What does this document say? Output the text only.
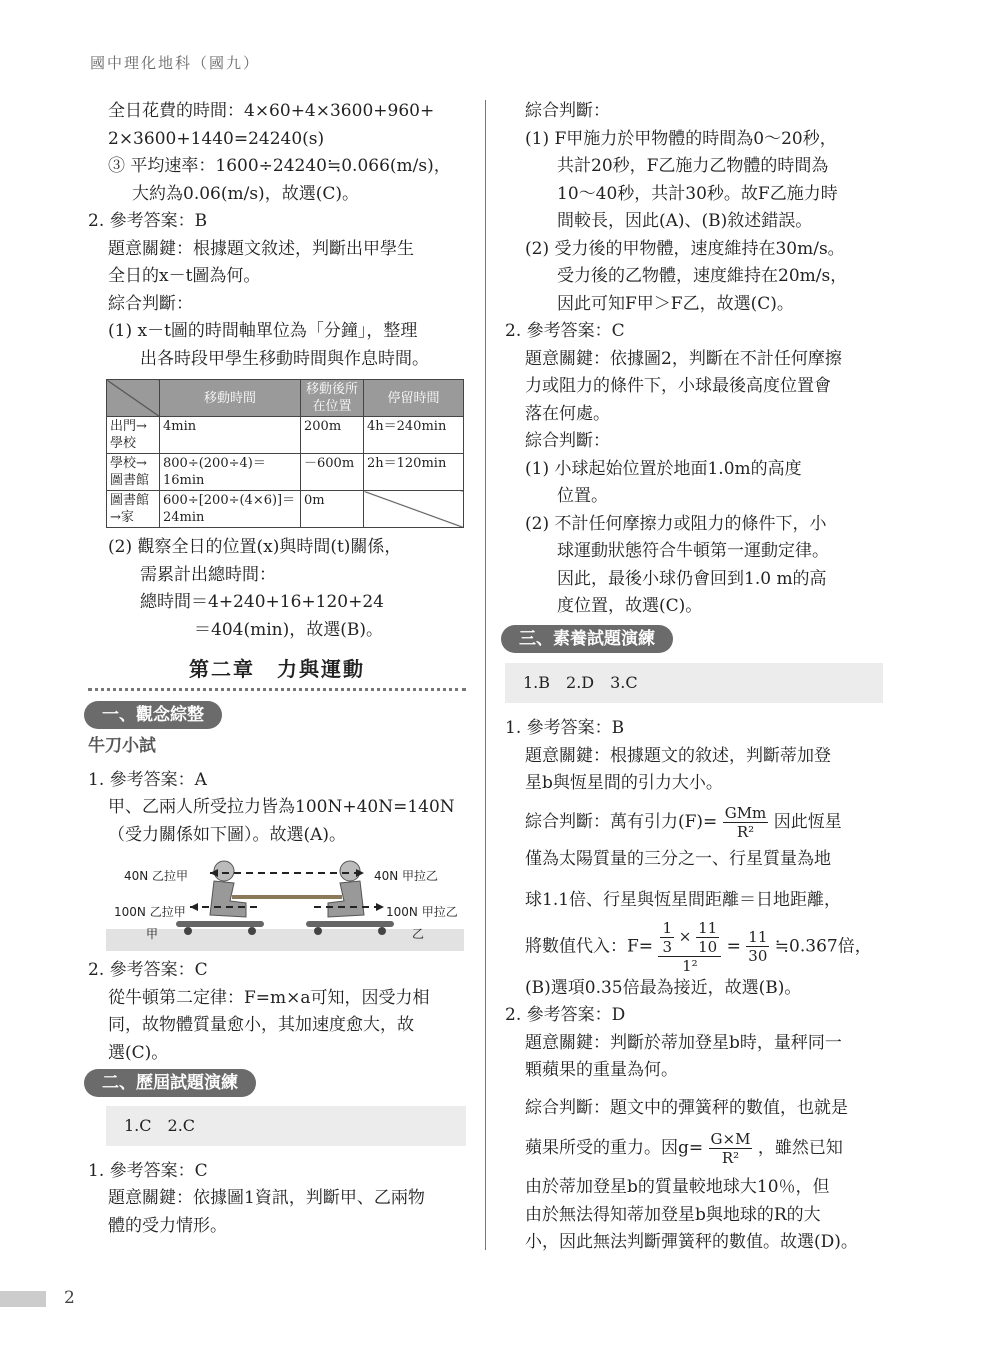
國中理化地科（國九）

全日花費的時間：4×60+4×3600+960+

2×3600+1440=24240(s)

③ 平均速率：1600÷24240≒0.066(m/s)，

大約為0.06(m/s)，故選(C)。

2. 參考答案：B

題意關鍵：根據題文敘述，判斷出甲學生

全日的x－t圖為何。

綜合判斷：

(1) x－t圖的時間軸單位為「分鐘」，整理

出各時段甲學生移動時間與作息時間。

	移動時間	移動後所在位置	停留時間
出門→學校	4min	200m	4h＝240min
學校→圖書館	800÷(200÷4)＝16min	－600m	2h＝120min
圖書館→家	600÷[200÷(4×6)]＝24min	0m	

(2) 觀察全日的位置(x)與時間(t)關係，

需累計出總時間：

總時間＝4+240+16+120+24

＝404(min)，故選(B)。

第二章　力與運動
一、觀念綜整

牛刀小試

1. 參考答案：A

甲、乙兩人所受拉力皆為100N+40N=140N

（受力關係如下圖）。故選(A)。

40N 乙拉甲	40N 甲拉乙
100N 乙拉甲	100N 甲拉乙
甲	乙

2. 參考答案：C

從牛頓第二定律：F=m×a可知，因受力相

同，故物體質量愈小，其加速度愈大，故

選(C)。

二、歷屆試題演練
1.C　2.C

1. 參考答案：C

題意關鍵：依據圖1資訊，判斷甲、乙兩物

體的受力情形。

綜合判斷：

(1) F甲施力於甲物體的時間為0～20秒，

共計20秒，F乙施力乙物體的時間為

10～40秒，共計30秒。故F乙施力時

間較長，因此(A)、(B)敘述錯誤。

(2) 受力後的甲物體，速度維持在30m/s。

受力後的乙物體，速度維持在20m/s，

因此可知F甲＞F乙，故選(C)。

2. 參考答案：C

題意關鍵：依據圖2，判斷在不計任何摩擦

力或阻力的條件下，小球最後高度位置會

落在何處。

綜合判斷：

(1) 小球起始位置於地面1.0m的高度

位置。

(2) 不計任何摩擦力或阻力的條件下，小

球運動狀態符合牛頓第一運動定律。

因此，最後小球仍會回到1.0 m的高

度位置，故選(C)。

三、素養試題演練
1.B　2.D　3.C

1. 參考答案：B

題意關鍵：根據題文的敘述，判斷蒂加登

星b與恆星間的引力大小。

綜合判斷：萬有引力$(F)= \frac{\text{GMm}}{\text{R²}}$ 因此恆星

僅為太陽質量的三分之一、行星質量為地

球1.1倍、行星與恆星間距離＝日地距離，

將數值代入：$F= \frac{\frac{1}{3} \times \frac{11}{10}}{\text{1²}} = \frac{11}{30}$ ≒0.367倍，

(B)選項0.35倍最為接近，故選(B)。

2. 參考答案：D

題意關鍵：判斷於蒂加登星b時，量秤同一

顆蘋果的重量為何。

綜合判斷：題文中的彈簧秤的數值，也就是

蘋果所受的重力。因$g= \frac{G\times M}{\text{R²}}$ ，雖然已知

由於蒂加登星b的質量較地球大10％，但

由於無法得知蒂加登星b與地球的R的大

小，因此無法判斷彈簧秤的數值。故選(D)。

2
